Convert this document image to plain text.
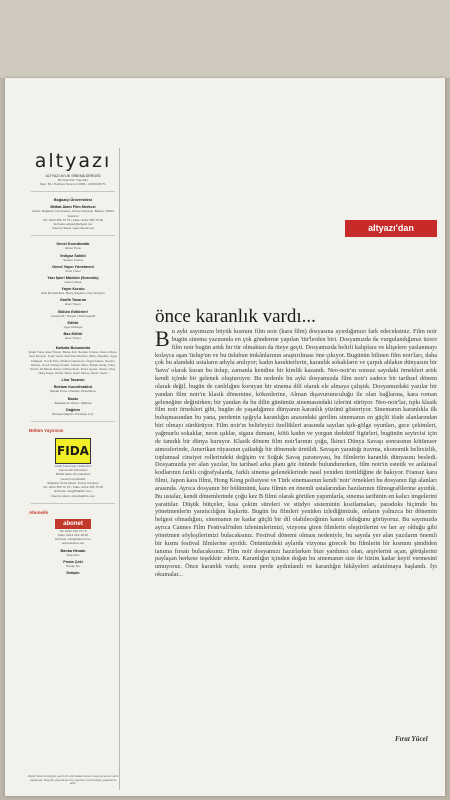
altyazı
ALTYAZI AYLIK SİNEMA DERGİSİ
Bir Fida Film Yayınıdır
Sayı: 54 • Haziran-Temmuz 2006 • 4.000.000 TL
Boğaziçi Üniversitesi
Mithat Alam Film Merkezi
Adres: Boğaziçi Üniversitesi, Kuzey Kampüs, Bebek, 34342 İstanbul
Tel: 0212 359 70 76 • Faks: 0212 265 75 46
E-Posta: altyazi@altyazi.net
İnternet Sitesi: www.altyazi.net
Genel Koordinatör
Ertan Tuna
İmtiyaz Sahibi
Serkan Fırtına
Genel Yayın Yönetmeni
Fırat Yücel
Yazı İşleri Müdürü (Sorumlu)
Kerem Akça
Yayın Kurulu
Zeki Demirkubuz, Barış Saydam, Cem Erciyes
Grafik Tasarım
Eser Tosun
Bölüm Editörleri
Lokomotif / İzleyici / Retrospektif
Editör
Ayşe Kabayel
Bas Editör
Eser Tosun
Katkıda Bulunanlar
Ertan Tuna, Eser Tosun, Berke Göl, Serkan Fırtına, Kerem Akça, Cem Erciyes, Fırat Yücel, Zeki Demirkubuz, Barış Saydam, Ayşe Kabayel, Cemil Kılıç, Meltem Cansever, Övgü Gökçe, Senem Erdine, Umut Tümay Arslan, Canan Uzun, Burak Göral, Tuba Deniz, Ali Murat Güven, Defne Eren, Emre Ayvaz, Gizem Uluç, Nilay Kaya, Orhan Tekin, Selin Aksoy, Deniz Yavuz
Lisa Tasarım
Reklam Koordinatörü
Başak Tuna • Reklam Pazarlama
Baskı
Baskıda bir Ofset • Matbaa
Dağıtım
Birleşik Dağıtım Kuruluşu A.Ş.
Bölüm Yayıncısı
FIDA
Lokal Kurumsal • Fida Film
Yapımcılık Hizmetleri
Mithat Alam Film Merkezi
Genel Koordinatör
Boğaziçi Üniversitesi, Kuzey Kampüs
Tel: 0212 359 70 76 • Faks: 0212 265 75 46
E-Posta: info@fidafilm.com
İnternet sitesi: www.fidafilm.com
Abonelik
abonet
Tel: 0212 219 73 73
Faks: 0212 219 18 49
E-Posta: info@abonet.net
www.abonet.net
Banka Hesabı
Fida Film
Posta Çeki
Hesap No
İletişim
Altyazı Sinema Dergisi, yazılı izin alınmadan kısmen veya tamamen alıntı yapılamaz. Dergide yayımlanan tüm yazıların sorumluluğu yazarlarına aittir.
altyazı'dan
önce karanlık vardı...
B u ayki sayımızın büyük kısmını film noir (kara film) dosyasına ayırdığımızı fark edeceksiniz. Film noir bugün sinema yazınında en çok gönderme yapılan 'tür'lerden biri. Dosyamızda da vurgulandığımız üzere film noir bugün artık bir tür olmaktan da öteye geçti. Dosyamızda belirli kalıplara ve klişelere yaslanmayı kolayca aşan 'üslup'un ve bu üslubun imkânlarının araştırılması öne çıkıyor. Bugünün bilinen film noir'ları, daha çok bu alandaki ustaların adıyla anılıyor; kadın karakterlerin, karanlık sokakların ve çarpık ahlakın dünyasını bir 'hava' olarak kuran bu üslup, zamanla kendine bir kimlik kazandı. Neo-noir'ın sonsuz sayıdaki örnekleri artık kendi içinde bir gelenek oluşturuyor. Bu nedenle bu ayki dosyamızda film noir'ı sadece bir tarihsel dönem olarak değil, bugün de canlılığını koruyan bir sinema dili olarak ele almaya çalıştık. Dosyamızdaki yazılar bir yandan film noir'ın klasik dönemine, kökenlerine, Alman dışavurumculuğu ile olan bağlarına, kara roman geleneğine değinirken; bir yandan da bu dilin günümüz sinemasındaki izlerini sürüyor. Neo-noir'lar, tıpkı klasik film noir örnekleri gibi, bugün de yaşadığımız dünyanın karanlık yüzünü gösteriyor. Sinemanın karanlıkla ilk buluşmasından bu yana, perdenin ışığıyla karanlığın arasındaki gerilim sinemanın en güçlü ifade alanlarından biri olmayı sürdürüyor. Film noir'ın belirleyici özellikleri arasında sayılan ışık-gölge oyunları, gece çekimleri, yağmurlu sokaklar, neon ışıklar, sigara dumanı, kötü kadın ve yorgun dedektif figürleri, bugünün seyircisi için de tanıdık bir dünya kuruyor. Klasik dönem film noir'larının çoğu, İkinci Dünya Savaşı sonrasının kötümser atmosferinde, Amerikan rüyasının çatladığı bir dönemde üretildi. Savaşın yarattığı travma, ekonomik belirsizlik, toplumsal cinsiyet rollerindeki değişim ve Soğuk Savaş paranoyası, bu filmlerin karanlık dünyasını besledi. Dosyamızda yer alan yazılar, bu tarihsel arka planı göz önünde bulundururken, film noir'ın estetik ve anlatısal kodlarının farklı coğrafyalarda, farklı sinema geleneklerinde nasıl yeniden üretildiğine de bakıyor. Fransız kara filmi, Japon kara filmi, Hong Kong polisiyesi ve Türk sinemasının kendi 'noir' örnekleri bu dosyanın ilgi alanları arasında. Ayrıca dosyanın bir bölümünü, kara filmin en önemli ustalarından bazılarının filmografilerine ayırdık. Bu ustalar, kendi dönemlerinde çoğu kez B filmi olarak görülen yapımlarla, sinema tarihinin en kalıcı imgelerini yarattılar. Düşük bütçeler, kısa çekim süreleri ve stüdyo sisteminin kısıtlamaları, paradoks biçimde bu yönetmenlerin yaratıcılığını kışkırttı. Bugün bu filmleri yeniden izlediğimizde, onların yalnızca bir dönemin belgesi olmadığını, sinemanın ne kadar güçlü bir dil olabileceğinin kanıtı olduğunu görüyoruz. Bu sayımızda ayrıca Cannes Film Festivali'nden izlenimlerimizi, vizyona giren filmlerin eleştirilerini ve her ay olduğu gibi yönetmen söyleşilerimizi bulacaksınız. Festival dönemi olması nedeniyle, bu sayıda yer alan yazıların önemli bir kısmı festival filmlerine ayrıldı. Önümüzdeki aylarda vizyona girecek bu filmlerin bir kısmını şimdiden tanıma fırsatı bulacaksınız. Film noir dosyamızı hazırlarken bize yardımcı olan, arşivlerini açan, görüşlerini paylaşan herkese teşekkür ederiz. Karanlığın içinden doğan bu sinemanın size de bizim kadar keyif vermesini umuyoruz. Önce karanlık vardı; sonra perde aydınlandı ve karanlığın hikâyeleri anlatılmaya başlandı. İyi okumalar...
Fırat Yücel
